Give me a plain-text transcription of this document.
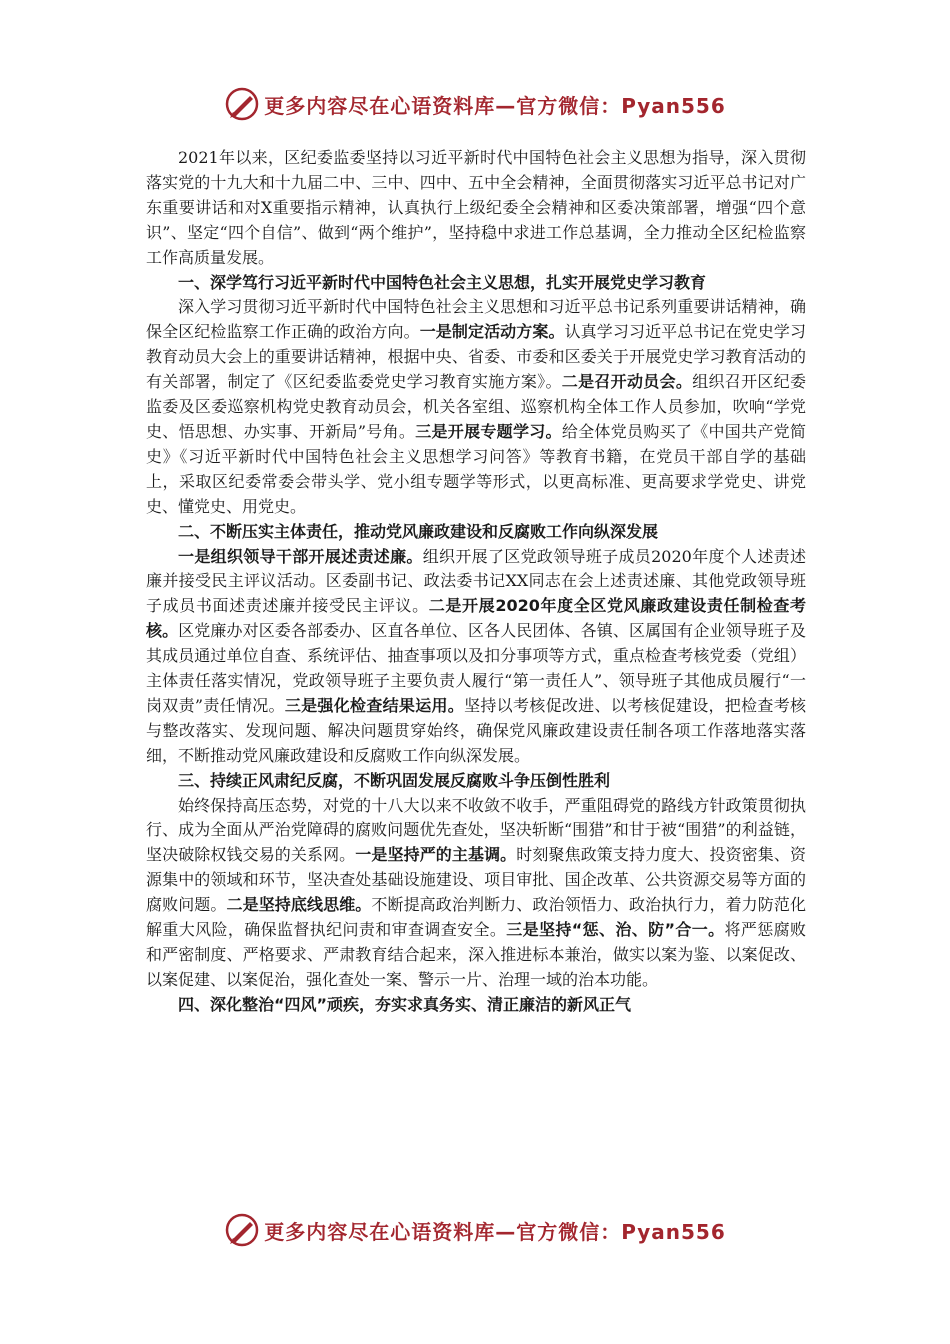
更多内容尽在心语资料库—官方微信：Pyan556

2021年以来，区纪委监委坚持以习近平新时代中国特色社会主义思想为指导，深入贯彻落实党的十九大和十九届二中、三中、四中、五中全会精神，全面贯彻落实习近平总书记对广东重要讲话和对X重要指示精神，认真执行上级纪委全会精神和区委决策部署，增强“四个意识”、坚定“四个自信”、做到“两个维护”，坚持稳中求进工作总基调，全力推动全区纪检监察工作高质量发展。

一、深学笃行习近平新时代中国特色社会主义思想，扎实开展党史学习教育

深入学习贯彻习近平新时代中国特色社会主义思想和习近平总书记系列重要讲话精神，确保全区纪检监察工作正确的政治方向。一是制定活动方案。认真学习习近平总书记在党史学习教育动员大会上的重要讲话精神，根据中央、省委、市委和区委关于开展党史学习教育活动的有关部署，制定了《区纪委监委党史学习教育实施方案》。二是召开动员会。组织召开区纪委监委及区委巡察机构党史教育动员会，机关各室组、巡察机构全体工作人员参加，吹响“学党史、悟思想、办实事、开新局”号角。三是开展专题学习。给全体党员购买了《中国共产党简史》《习近平新时代中国特色社会主义思想学习问答》等教育书籍，在党员干部自学的基础上，采取区纪委常委会带头学、党小组专题学等形式，以更高标准、更高要求学党史、讲党史、懂党史、用党史。

二、不断压实主体责任，推动党风廉政建设和反腐败工作向纵深发展

一是组织领导干部开展述责述廉。组织开展了区党政领导班子成员2020年度个人述责述廉并接受民主评议活动。区委副书记、政法委书记XX同志在会上述责述廉、其他党政领导班子成员书面述责述廉并接受民主评议。二是开展2020年度全区党风廉政建设责任制检查考核。区党廉办对区委各部委办、区直各单位、区各人民团体、各镇、区属国有企业领导班子及其成员通过单位自查、系统评估、抽查事项以及扣分事项等方式，重点检查考核党委（党组）主体责任落实情况，党政领导班子主要负责人履行“第一责任人”、领导班子其他成员履行“一岗双责”责任情况。三是强化检查结果运用。坚持以考核促改进、以考核促建设，把检查考核与整改落实、发现问题、解决问题贯穿始终，确保党风廉政建设责任制各项工作落地落实落细，不断推动党风廉政建设和反腐败工作向纵深发展。

三、持续正风肃纪反腐，不断巩固发展反腐败斗争压倒性胜利

始终保持高压态势，对党的十八大以来不收敛不收手，严重阻碍党的路线方针政策贯彻执行、成为全面从严治党障碍的腐败问题优先查处，坚决斩断“围猎”和甘于被“围猎”的利益链，坚决破除权钱交易的关系网。一是坚持严的主基调。时刻聚焦政策支持力度大、投资密集、资源集中的领域和环节，坚决查处基础设施建设、项目审批、国企改革、公共资源交易等方面的腐败问题。二是坚持底线思维。不断提高政治判断力、政治领悟力、政治执行力，着力防范化解重大风险，确保监督执纪问责和审查调查安全。三是坚持“惩、治、防”合一。将严惩腐败和严密制度、严格要求、严肃教育结合起来，深入推进标本兼治，做实以案为鉴、以案促改、以案促建、以案促治，强化查处一案、警示一片、治理一域的治本功能。

四、深化整治“四风”顽疾，夯实求真务实、清正廉洁的新风正气
更多内容尽在心语资料库—官方微信：Pyan556
